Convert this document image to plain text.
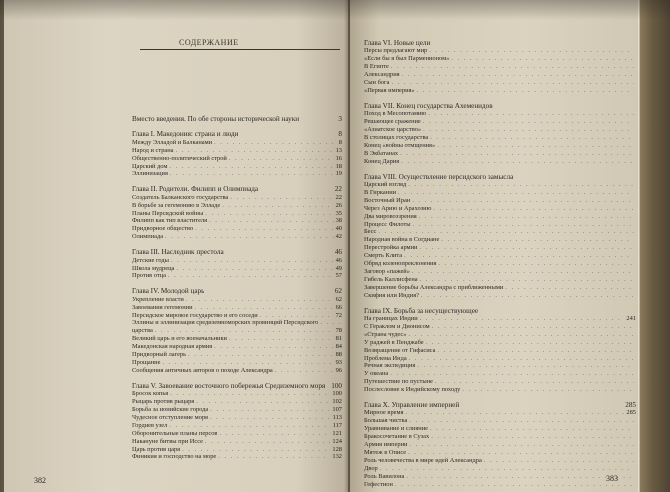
СОДЕРЖАНИЕ
Вместо введения. По обе стороны исторической науки	3
Глава I. Македония: страна и люди	8
Между Элладой и Балканами . . .	8
Народ и страна . . .	13
Общественно-политический строй . . .	16
Царский дом . . .	18
Эллинизация . . .	19
Глава II. Родители. Филипп и Олимпиада	22
Создатель Балканского государства . . .	22
В борьбе за гегемонию в Элладе . . .	26
Планы Персидской войны . . .	35
Филипп как тип властителя . . .	38
Придворное общество . . .	40
Олимпиада . . .	42
Глава III. Наследник престола	46
Детские годы . . .	46
Школа мудреца . . .	49
Против отца . . .	57
Глава IV. Молодой царь	62
Укрепление власти . . .	62
Завоевания гегемонии . . .	66
Персидское мировое государство и его соседи . . .	72
Эллины и эллинизация средиземноморских провинций Персидского
. . .
царства . . .	78
Великий царь и его военачальники . . .	81
Македонская народная армия . . .	84
Придворный лагерь . . .	88
Прощание . . .	93
Сообщения античных авторов о походе Александра . . .	96
Глава V. Завоевание восточного побережья Средиземного моря 100
Бросок копья . . .	100
Рыцарь против рыцаря . . .	102
Борьба за ионийские города . . .	107
Чудесное отступление моря . . .	113
Гордиев узел . . .	117
Оборонительные планы персов . . .	121
Накануне битвы при Иссе . . .	124
Царь против царя . . .	128
Финикия и господство на море . . .	132
382
Глава VI. Новые цели
Персы предлагают мир
. . .
«Если бы я был Парменионом»
. . .
В Египте
. . .
Александрия
. . .
Сын бога
. . .
«Первая империя»
. . .
Глава VII. Конец государства Ахеменидов
Поход в Месопотамию
. . .
Решающее сражение
. . .
«Азиатское царство»
. . .
В столицах государства
. . .
Конец «войны отмщения»
. . .
В Экбатанах
. . .
Конец Дария
. . .
Глава VIII. Осуществление персидского замысла
Царский взгляд
. . .
В Гиркании
. . .
Восточный Иран
. . .
Через Арию и Арахозию
. . .
Два мировоззрения
. . .
Процесс Филоты
. . .
Бесс
. . .
Народная война в Согдиане
. . .
Перестройка армии
. . .
Смерть Клита
. . .
Обряд коленопреклонения
. . .
Заговор «пажей»
. . .
Гибель Каллисфена
. . .
Завершение борьбы Александра с приближенными
. . .
Скифия или Индия?
. . .
Глава IX. Борьба за несуществующее
На границах Индии . . .	241
С Гераклом и Дионисом
. . .
«Страна чудес»
. . .
У раджей в Пенджабе
. . .
Возвращение от Гифасиса
. . .
Проблема Инда
. . .
Речная экспедиция
. . .
У океана
. . .
Путешествие по пустыне
. . .
Послесловие к Индийскому походу
. . .
Глава X. Управление империей	285
Мирное время . . .	285
Большая чистка
. . .
Уравнивание и слияние
. . .
Бракосочетание в Сузах
. . .
Армия империи
. . .
Мятеж в Описе
. . .
Роль человечества в мире идей Александра
. . .
Двор
. . .
Роль Вавилона
. . .
Гефестион
. . .
383
